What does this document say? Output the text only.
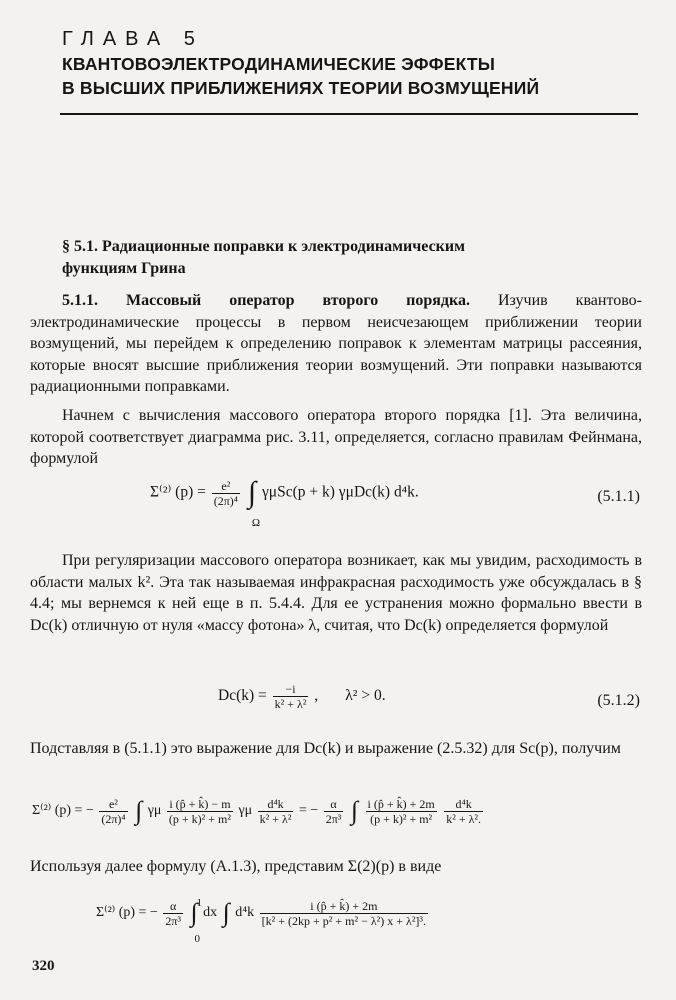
ГЛАВА 5
КВАНТОВОЭЛЕКТРОДИНАМИЧЕСКИЕ ЭФФЕКТЫ
В ВЫСШИХ ПРИБЛИЖЕНИЯХ ТЕОРИИ ВОЗМУЩЕНИЙ
§ 5.1. Радиационные поправки к электродинамическим
функциям Грина
5.1.1. Массовый оператор второго порядка. Изучив квантово-электродинамические процессы в первом неисчезающем приближении теории возмущений, мы перейдем к определению поправок к элементам матрицы рассеяния, которые вносят высшие приближения теории возмущений. Эти поправки называются радиационными поправками.
Начнем с вычисления массового оператора второго порядка [1]. Эта величина, которой соответствует диаграмма рис. 3.11, определяется, согласно правилам Фейнмана, формулой
Σ⁽²⁾ $(p) = \frac{\text{e²}}{\text{(2π)⁴}}$ ∫
Ω
γμSc(p + k) γμDc(k) d⁴k.	(5.1.1)
При регуляризации массового оператора возникает, как мы увидим, расходимость в области малых k². Эта так называемая инфракрасная расходимость уже обсуждалась в § 4.4; мы вернемся к ней еще в п. 5.4.4. Для ее устранения можно формально ввести в Dc(k) отличную от нуля «массу фотона» λ, считая, что Dc(k) определяется формулой
$Dc(k) = \frac{-i}{\text{k² + λ²}}$ ,       λ² > 0.	(5.1.2)
Подставляя в (5.1.1) это выражение для Dc(k) и выражение (2.5.32) для Sc(p), получим
Σ⁽²⁾ (p) = − $\frac{\text{e²}}{\text{(2π)⁴}}$ ∫ γμ $\frac{i (p̂ + k̂) - m}{\text{(p + k)² + m²}}$ γμ $\frac{\text{d⁴k}}{\text{k² + λ²}}$ = − $\frac{\alpha}{\text{2π³}}$ ∫ $\frac{i (p̂ + k̂) + 2m}{\text{(p + k)² + m²}}$
$\frac{\text{d⁴k}}{\text{k² + λ².}}$
Используя далее формулу (А.1.3), представим Σ(2)(p) в виде
Σ⁽²⁾ (p) = − $\frac{\alpha}{\text{2π³}}$ ∫
1
0
dx ∫ $d^4k \frac{i (p̂ + k̂) + 2m}{\text{[k² + (2kp + p² + m² − λ²) x + λ²]³.}}$
320
